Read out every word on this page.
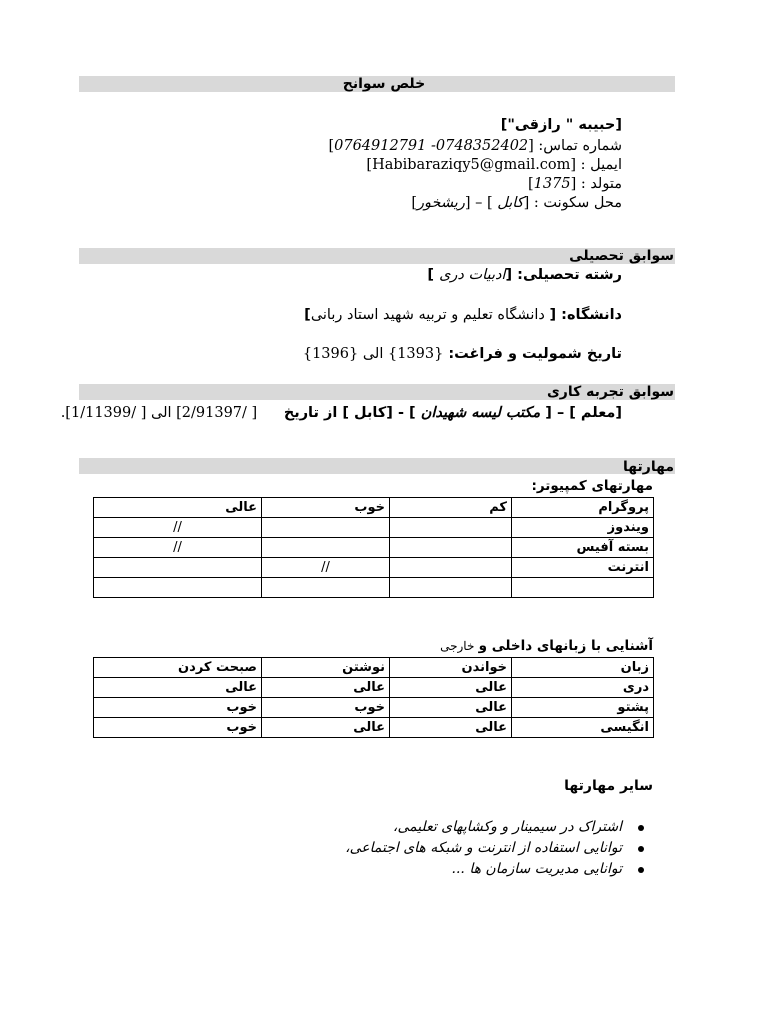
خلص سوانح
[حبیبه " رازقی"]
شماره تماس: [0764912791 -0748352402]
ایمیل : [Habibaraziqy5@gmail.com]
متولد : [1375]
محل سکونت : [کابل ] – [ریشخور]
سوابق تحصیلی
رشته تحصیلی: [ادبیات دری ]
دانشگاه: [ دانشگاه تعلیم و تربیه شهید استاد ربانی]
تاریخ شمولیت و فراغت: {1393} الی {1396}
سوابق تجربه کاری
[معلم ] – [ مکتب لیسه شهیدان ] - [کابل ] از تاریخ [ /2/91397] الی [ /1/11399].
مهارتها
مهارتهای کمپیوتر:
پروگرام	کم	خوب	عالی
ویندوز			//
بسته آفیس			//
انترنت		//	

آشنایی با زبانهای داخلی و خارجی
زبان	خواندن	نوشتن	صبحت کردن
دری	عالی	عالی	عالی
پشتو	عالی	خوب	خوب
انگیسی	عالی	عالی	خوب
سایر مهارتها
اشتراک در سیمینار و وکشاپهای تعلیمی،
توانایی استفاده از انترنت و شبکه های اجتماعی،
توانایی مدیریت سازمان ها ...
